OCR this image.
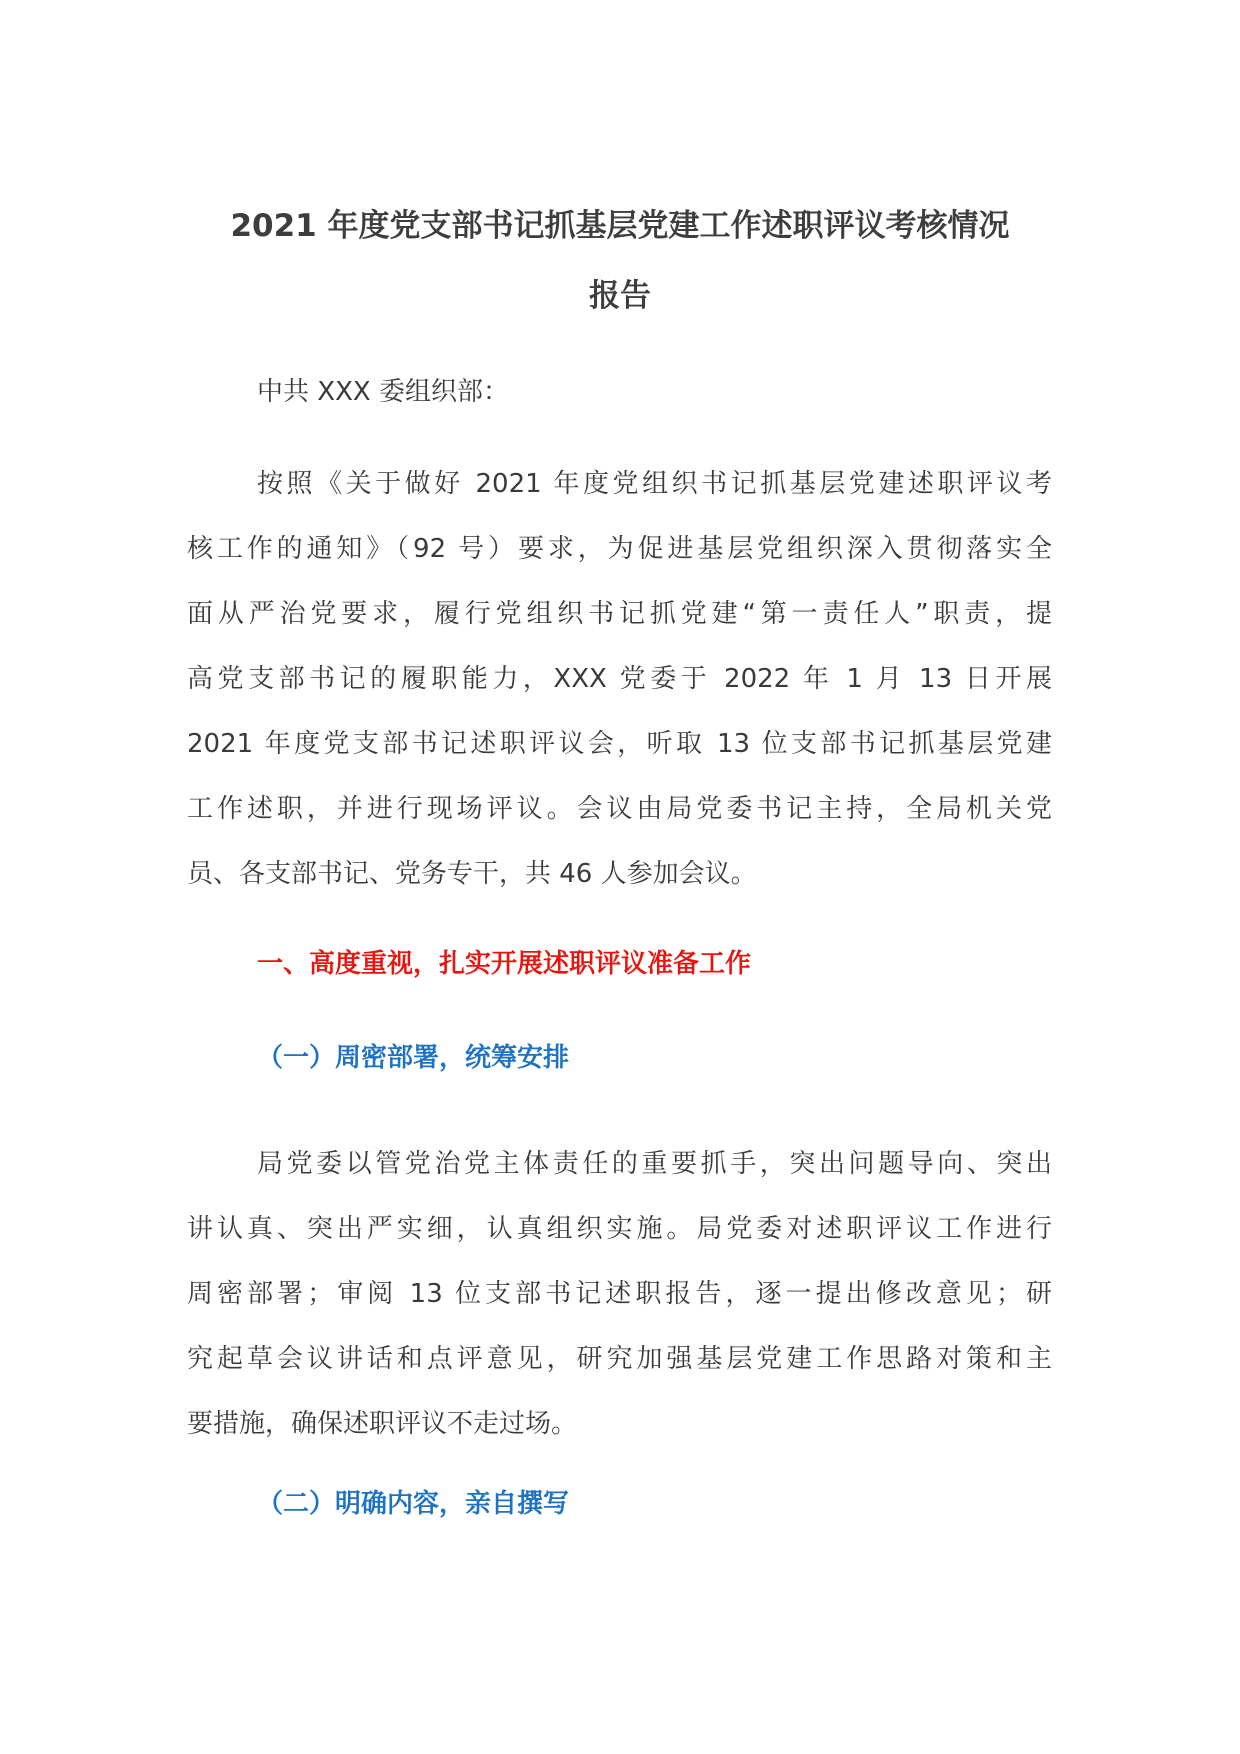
2021 年度党支部书记抓基层党建工作述职评议考核情况
报告

中共 XXX 委组织部：

按照《关于做好 2021 年度党组织书记抓基层党建述职评议考
核工作的通知》（92 号）要求，为促进基层党组织深入贯彻落实全
面从严治党要求，履行党组织书记抓党建“第一责任人”职责，提
高党支部书记的履职能力，XXX 党委于 2022 年 1 月 13 日开展
2021 年度党支部书记述职评议会，听取 13 位支部书记抓基层党建
工作述职，并进行现场评议。会议由局党委书记主持，全局机关党
员、各支部书记、党务专干，共 46 人参加会议。
一、高度重视，扎实开展述职评议准备工作
（一）周密部署，统筹安排
局党委以管党治党主体责任的重要抓手，突出问题导向、突出
讲认真、突出严实细，认真组织实施。局党委对述职评议工作进行
周密部署；审阅 13 位支部书记述职报告，逐一提出修改意见；研
究起草会议讲话和点评意见，研究加强基层党建工作思路对策和主
要措施，确保述职评议不走过场。
（二）明确内容，亲自撰写
